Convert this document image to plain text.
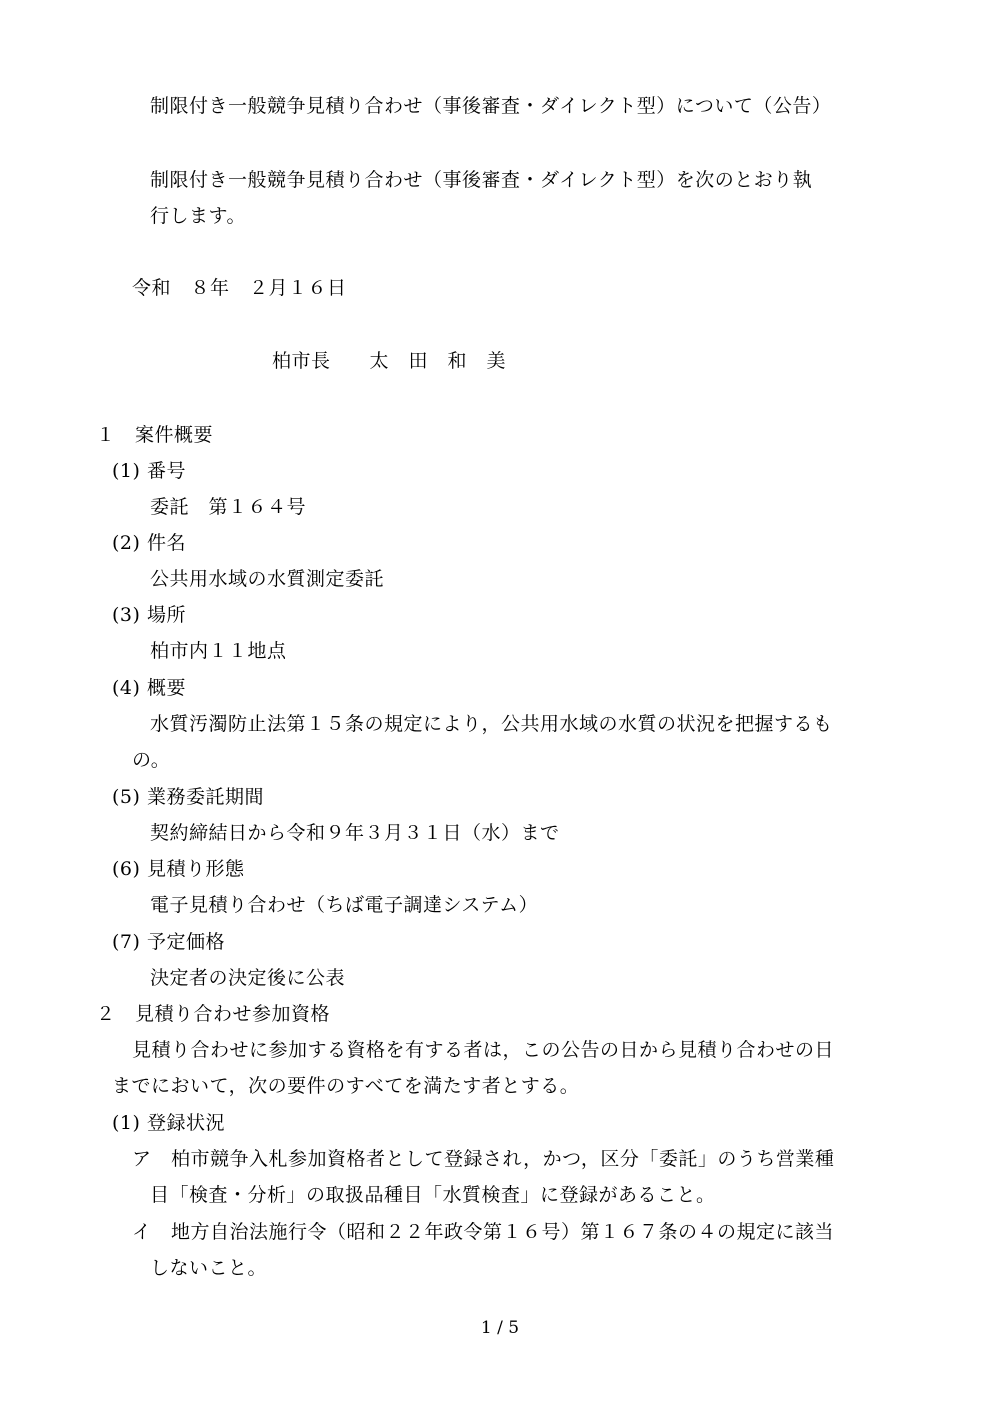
制限付き一般競争見積り合わせ（事後審査・ダイレクト型）について（公告）
制限付き一般競争見積り合わせ（事後審査・ダイレクト型）を次のとおり執
行します。
令和　８年　２月１６日
柏市長　　太　田　和　美
１　案件概要
(1) 番号
委託　第１６４号
(2) 件名
公共用水域の水質測定委託
(3) 場所
柏市内１１地点
(4) 概要
水質汚濁防止法第１５条の規定により，公共用水域の水質の状況を把握するも
の。
(5) 業務委託期間
契約締結日から令和９年３月３１日（水）まで
(6) 見積り形態
電子見積り合わせ（ちば電子調達システム）
(7) 予定価格
決定者の決定後に公表
２　見積り合わせ参加資格
見積り合わせに参加する資格を有する者は，この公告の日から見積り合わせの日
までにおいて，次の要件のすべてを満たす者とする。
(1) 登録状況
ア　柏市競争入札参加資格者として登録され，かつ，区分「委託」のうち営業種
目「検査・分析」の取扱品種目「水質検査」に登録があること。
イ　地方自治法施行令（昭和２２年政令第１６号）第１６７条の４の規定に該当
しないこと。
1 / 5
